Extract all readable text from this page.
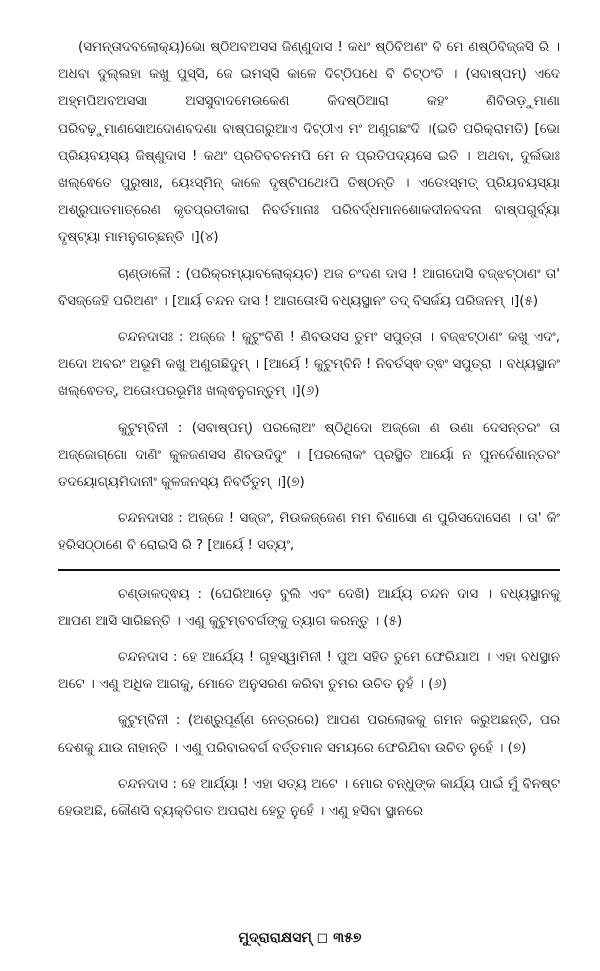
(ସମନ୍ତାଦବଲୋକ୍ୟ)ଭୋ ଷ୍ଠିଅବଅସସ ଜିଣ୍ଣୁଦାସ ! କଧଂ ଷ୍ଠିବିଅଣଂ ବି ମେ ଣଷ୍ଠିବିଜ୍ଜସି ରି । ଅଧବା ଦୁଲ୍ଲହା କଖୁ ପୁସ୍ସି, ଜେ ଇମସ୍ସି କାଳେ ଦିଟ୍ଠିପଧେ ବି ଚିଟ୍ଠଂତି । (ସବାଷ୍ପମ୍) ଏଦେ ଅହ୍ମପିଅବଅସସା ଅସସୁବାଦମେଉକେଣ କିଦଷ୍ଠିଆରା କହଂ ଣିବିଉଡ଼ୁମାଣା ପରିବଢ଼ୁମାଣସୋଅଦୋଣବଦଣା ବାଷ୍ପଗରୁଆଏ ଦିଟ୍ଠୀଏ ମଂ ଅଣୁଗଛଂଦି ।(ଇତି ପରିକ୍ରାମତି) [ଭୋ ପ୍ରିୟବୟସ୍ୟ ଜିଷ୍ଣୁଦାସ ! କଥଂ ପ୍ରତିବଚନମପି ମେ ନ ପ୍ରତିପଦ୍ୟସେ ଇତି । ଅଥବା, ଦୁର୍ଲଭାଃ ଖଲ୍ଵେତେ ପୁରୁଷାଃ, ୟେଽସ୍ମିନ୍ କାଳେ ଦୃଷ୍ଟିପଥେଽପି ତିଷ୍ଠନ୍ତି । ଏତେଽସ୍ମତ୍ ପ୍ରିୟବୟସ୍ୟା ଅଶ୍ରୁପାତମାତ୍ରେଣ କୃତପ୍ରତୀକାରା ନିବର୍ତମାନାଃ ପରିବର୍ଦ୍ଧମାନଶୋକଦୀନବଦନା ବାଷ୍ପଗୁର୍ବ୍ୟା ଦୃଷ୍ଟ୍ୟା ମାମନୁଗଚ୍ଛନ୍ତି ।](୪)

ଚାଣ୍ଡାଳୌ : (ପରିକ୍ରମ୍ୟାବଲୋକ୍ୟଚ) ଅଜ ଚଂଦଣ ଦାସ ! ଆଗଦୋସି ବଜ୍ଝଟ୍ଠାଣଂ ତା' ବିସଜ୍ଜେହି ପରିଅଣଂ । [ଆର୍ୟ ଚନ୍ଦନ ଦାସ ! ଆଗତୋଽସି ବଧ୍ୟସ୍ଥାନଂ ତଦ୍ ବିସର୍ଜୟ ପରିଜନମ୍ ।](୫)

ଚନ୍ଦନଦାସଃ : ଅଜ୍ଜେ ! କୁଟୁଂବିଣି ! ଣିବଉସସ ତୁମଂ ସପୁତ୍ତା । ବଜ୍ଝଟ୍ଠାଣଂ କଖୁ ଏଦଂ, ଅଦୋ ଅବରଂ ଅଭୂମି କଖୁ ଅଣୁଗଛିଦୁମ୍ । [ଆର୍ୟେ ! କୁଟୁମ୍ବିନି ! ନିବର୍ତସ୍ଵ ତ୍ଵଂ ସପୁତ୍ରା । ବଧ୍ୟସ୍ଥାନଂ ଖଲ୍ଵେତତ୍, ଅତୋଽପରଭୂମିଃ ଖଲ୍ଵନୁଗନ୍ତୁମ୍ ।](୬)

କୁଟୁମ୍ବିନୀ : (ସବାଷ୍ପମ୍) ପରଲୋଅଂ ଷ୍ଠିଥିଦୋ ଅଜ୍ଜୋ ଣ ଉଣା ଦେସନ୍ତରଂ ତା ଅଜ୍ଜୋଗ୍ଗୋ ଦାଣିଂ କୁଳଜଣସସ ଣିବଉଦିଦୁଂ । [ପରଲୋକଂ ପ୍ରସ୍ଥିତ ଆର୍ୟୋ ନ ପୁନର୍ଦେଶାନ୍ତରଂ ତଦୟୋଗ୍ୟମିଦାନୀଂ କୁଳଜନସ୍ୟ ନିବର୍ତିତୁମ୍ ।](୭)

ଚନ୍ଦନଦାସଃ : ଅଜ୍ଜେ ! ସଜ୍ଜଂ, ମିଉକଜ୍ଜେଣ ମମ ବିଣାସୋ ଣ ପୁରିସଦୋସେଣ । ତା' କିଂ ହରିସଠ୍ଠାଣେ ବି ରୋଇସି ରି ? [ଆର୍ୟେ ! ସତ୍ୟଂ,

ଚଣ୍ଡାଳଦ୍ଵୟ : (ଘେରିଆଡ଼େ ବୁଲି ଏବଂ ଦେଖି) ଆର୍ଯ୍ୟ ଚନ୍ଦନ ଦାସ । ବଧ୍ୟସ୍ଥାନକୁ ଆପଣ ଆସି ସାରିଛନ୍ତି । ଏଣୁ କୁଟୁମ୍ବବର୍ଗଙ୍କୁ ତ୍ୟାଗ କରନ୍ତୁ । (୫)

ଚନ୍ଦନଦାସ : ହେ ଆର୍ଯ୍ୟେ ! ଗୃହସ୍ୱାମିନୀ ! ପୁଅ ସହିତ ତୁମେ ଫେରିଯାଅ । ଏହା ବଧସ୍ଥାନ ଅଟେ । ଏଣୁ ଅଧିକ ଆଗକୁ, ମୋତେ ଅନୁସରଣ କରିବା ତୁମର ଉଚିତ ନୁହଁ । (୬)

କୁଟୁମ୍ବିନୀ : (ଅଶ୍ରୁପୂର୍ଣ୍ଣ ନେତ୍ରରେ) ଆପଣ ପରଲୋକକୁ ଗମନ କରୁଅଛନ୍ତି, ପର ଦେଶକୁ ଯାଉ ନାହାନ୍ତି । ଏଣୁ ପରିବାରବର୍ଗ ବର୍ତ୍ତମାନ ସମୟରେ ଫେରିଯିବା ଉଚିତ ନୁହେଁ । (୭)

ଚନ୍ଦନଦାସ : ହେ ଆର୍ଯ୍ୟା ! ଏହା ସତ୍ୟ ଅଟେ । ମୋର ବନ୍ଧୁଙ୍କ କାର୍ଯ୍ୟ ପାଇଁ ମୁଁ ବିନଷ୍ଟ ହେଉଅଛି, କୌଣସି ବ୍ୟକ୍ତିଗତ ଅପରାଧ ହେତୁ ନୁହେଁ । ଏଣୁ ହସିବା ସ୍ଥାନରେ

ମୁଦ୍ରାରାକ୍ଷସମ୍ ◻ ୩୫୭
